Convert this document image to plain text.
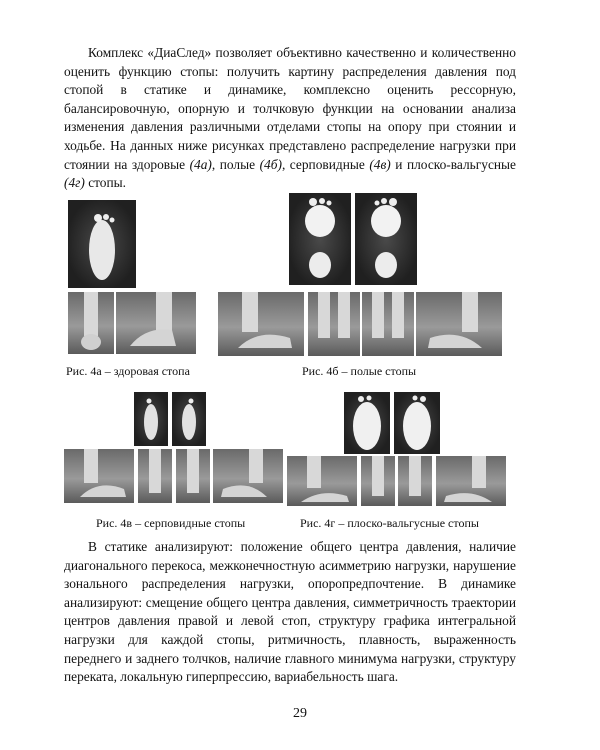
Комплекс «ДиаСлед» позволяет объективно качественно и количественно оценить функцию стопы: получить картину распределения давления под стопой в статике и динамике, комплексно оценить рессорную, балансировочную, опорную и толчковую функции на основании анализа изменения давления различными отделами стопы на опору при стоянии и ходьбе. На данных ниже рисунках представлено распределение нагрузки при стоянии на здоровые (4а), полые (4б), серповидные (4в) и плоско-вальгусные (4г) стопы.

Рис. 4а – здоровая стопа	Рис. 4б – полые стопы
Рис. 4в – серповидные стопы	Рис. 4г – плоско-вальгусные стопы

В статике анализируют: положение общего центра давления, наличие диагонального перекоса, межконечностную асимметрию нагрузки, нарушение зонального распределения нагрузки, опоропредпочтение. В динамике анализируют: смещение общего центра давления, симметричность траектории центров давления правой и левой стоп, структуру графика интегральной нагрузки для каждой стопы, ритмичность, плавность, выраженность переднего и заднего толчков, наличие главного минимума нагрузки, структуру переката, локальную гиперпрессию, вариабельность шага.

29
